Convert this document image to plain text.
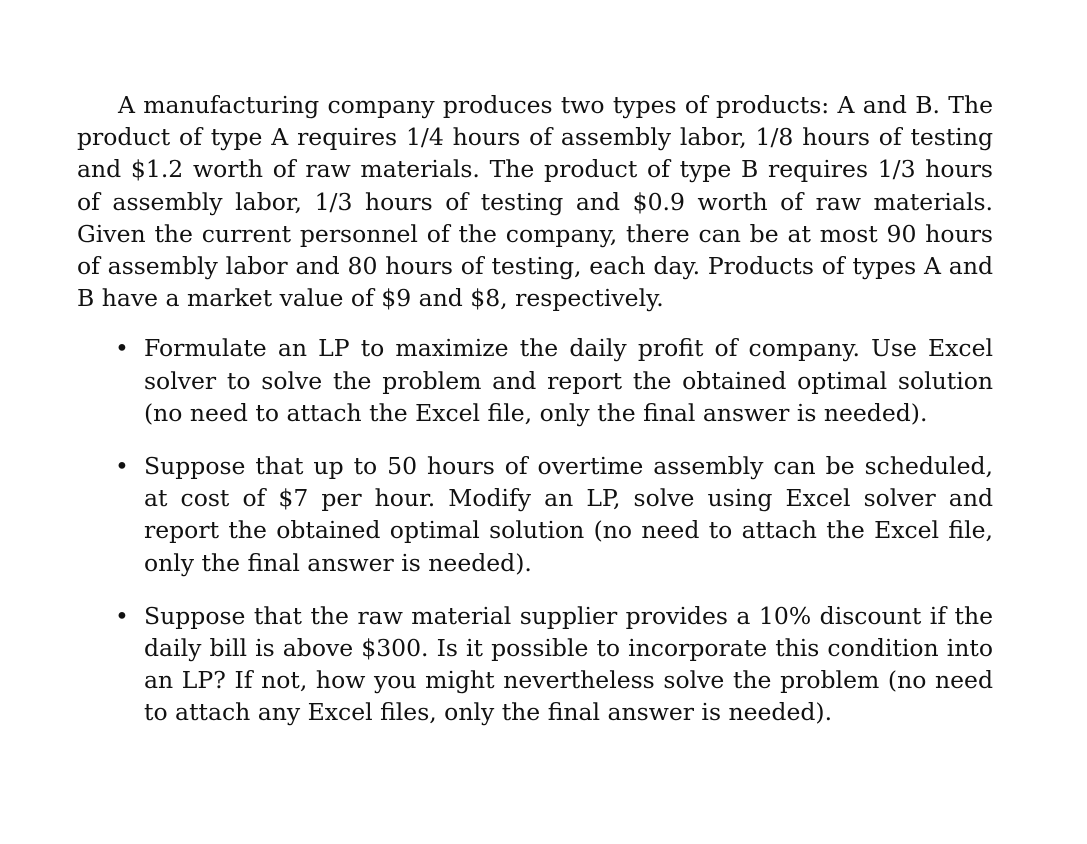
A manufacturing company produces two types of products: A and B. The product of type A requires 1/4 hours of assembly labor, 1/8 hours of testing and $1.2 worth of raw materials. The product of type B requires 1/3 hours of assembly labor, 1/3 hours of testing and $0.9 worth of raw materials. Given the current personnel of the company, there can be at most 90 hours of assembly labor and 80 hours of testing, each day. Products of types A and B have a market value of $9 and $8, respectively.

• Formulate an LP to maximize the daily profit of company. Use Excel solver to solve the problem and report the obtained optimal solution (no need to attach the Excel file, only the final answer is needed).
• Suppose that up to 50 hours of overtime assembly can be scheduled, at cost of $7 per hour. Modify an LP, solve using Excel solver and report the obtained optimal solution (no need to attach the Excel file, only the final answer is needed).
• Suppose that the raw material supplier provides a 10% discount if the daily bill is above $300. Is it possible to incorporate this condition into an LP? If not, how you might nevertheless solve the problem (no need to attach any Excel files, only the final answer is needed).
